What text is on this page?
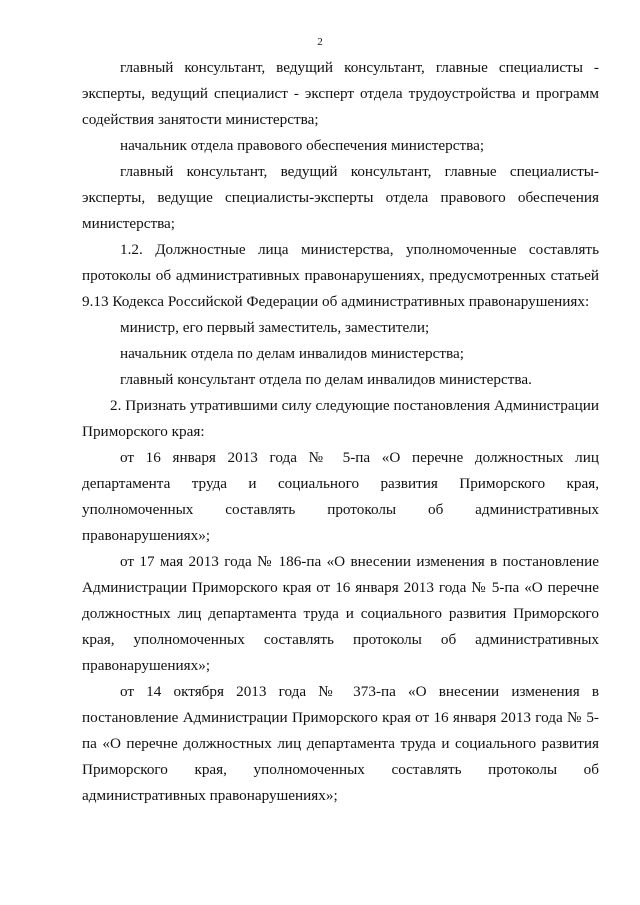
2

главный консультант, ведущий консультант, главные специалисты - эксперты, ведущий специалист - эксперт отдела трудоустройства и программ содействия занятости министерства;

начальник отдела правового обеспечения министерства;

главный консультант, ведущий консультант, главные специалисты-эксперты, ведущие специалисты-эксперты отдела правового обеспечения министерства;

1.2. Должностные лица министерства, уполномоченные составлять протоколы об административных правонарушениях, предусмотренных статьей 9.13 Кодекса Российской Федерации об административных правонарушениях:

министр, его первый заместитель, заместители;

начальник отдела по делам инвалидов министерства;

главный консультант отдела по делам инвалидов министерства.

2. Признать утратившими силу следующие постановления Администрации Приморского края:

от 16 января 2013 года № 5-па «О перечне должностных лиц департамента труда и социального развития Приморского края, уполномоченных составлять протоколы об административных правонарушениях»;

от 17 мая 2013 года № 186-па «О внесении изменения в постановление Администрации Приморского края от 16 января 2013 года № 5-па «О перечне должностных лиц департамента труда и социального развития Приморского края, уполномоченных составлять протоколы об административных правонарушениях»;

от 14 октября 2013 года № 373-па «О внесении изменения в постановление Администрации Приморского края от 16 января 2013 года № 5-па «О перечне должностных лиц департамента труда и социального развития Приморского края, уполномоченных составлять протоколы об административных правонарушениях»;
